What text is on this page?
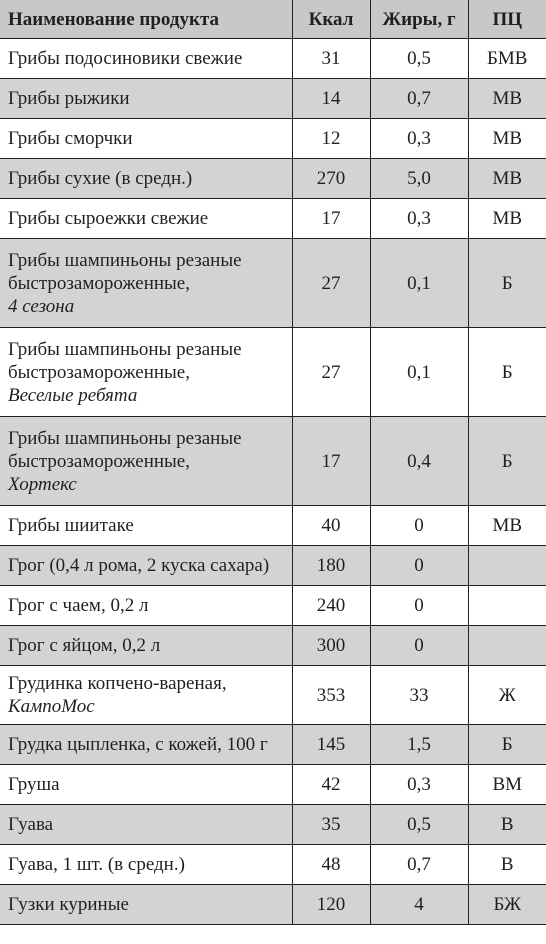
Наименование продукта	Ккал	Жиры, г	ПЦ
Грибы подосиновики свежие	31	0,5	БМВ
Грибы рыжики	14	0,7	МВ
Грибы сморчки	12	0,3	МВ
Грибы сухие (в средн.)	270	5,0	МВ
Грибы сыроежки свежие	17	0,3	МВ
Грибы шампиньоны резаные быстрозамороженные,
4 сезона	27	0,1	Б
Грибы шампиньоны резаные быстрозамороженные,
Веселые ребята	27	0,1	Б
Грибы шампиньоны резаные быстрозамороженные,
Хортекс	17	0,4	Б
Грибы шиитаке	40	0	МВ
Грог (0,4 л рома, 2 куска сахара)	180	0	
Грог с чаем, 0,2 л	240	0	
Грог с яйцом, 0,2 л	300	0	
Грудинка копчено-вареная,
КампоМос	353	33	Ж
Грудка цыпленка, с кожей, 100 г	145	1,5	Б
Груша	42	0,3	ВМ
Гуава	35	0,5	В
Гуава, 1 шт. (в средн.)	48	0,7	В
Гузки куриные	120	4	БЖ
